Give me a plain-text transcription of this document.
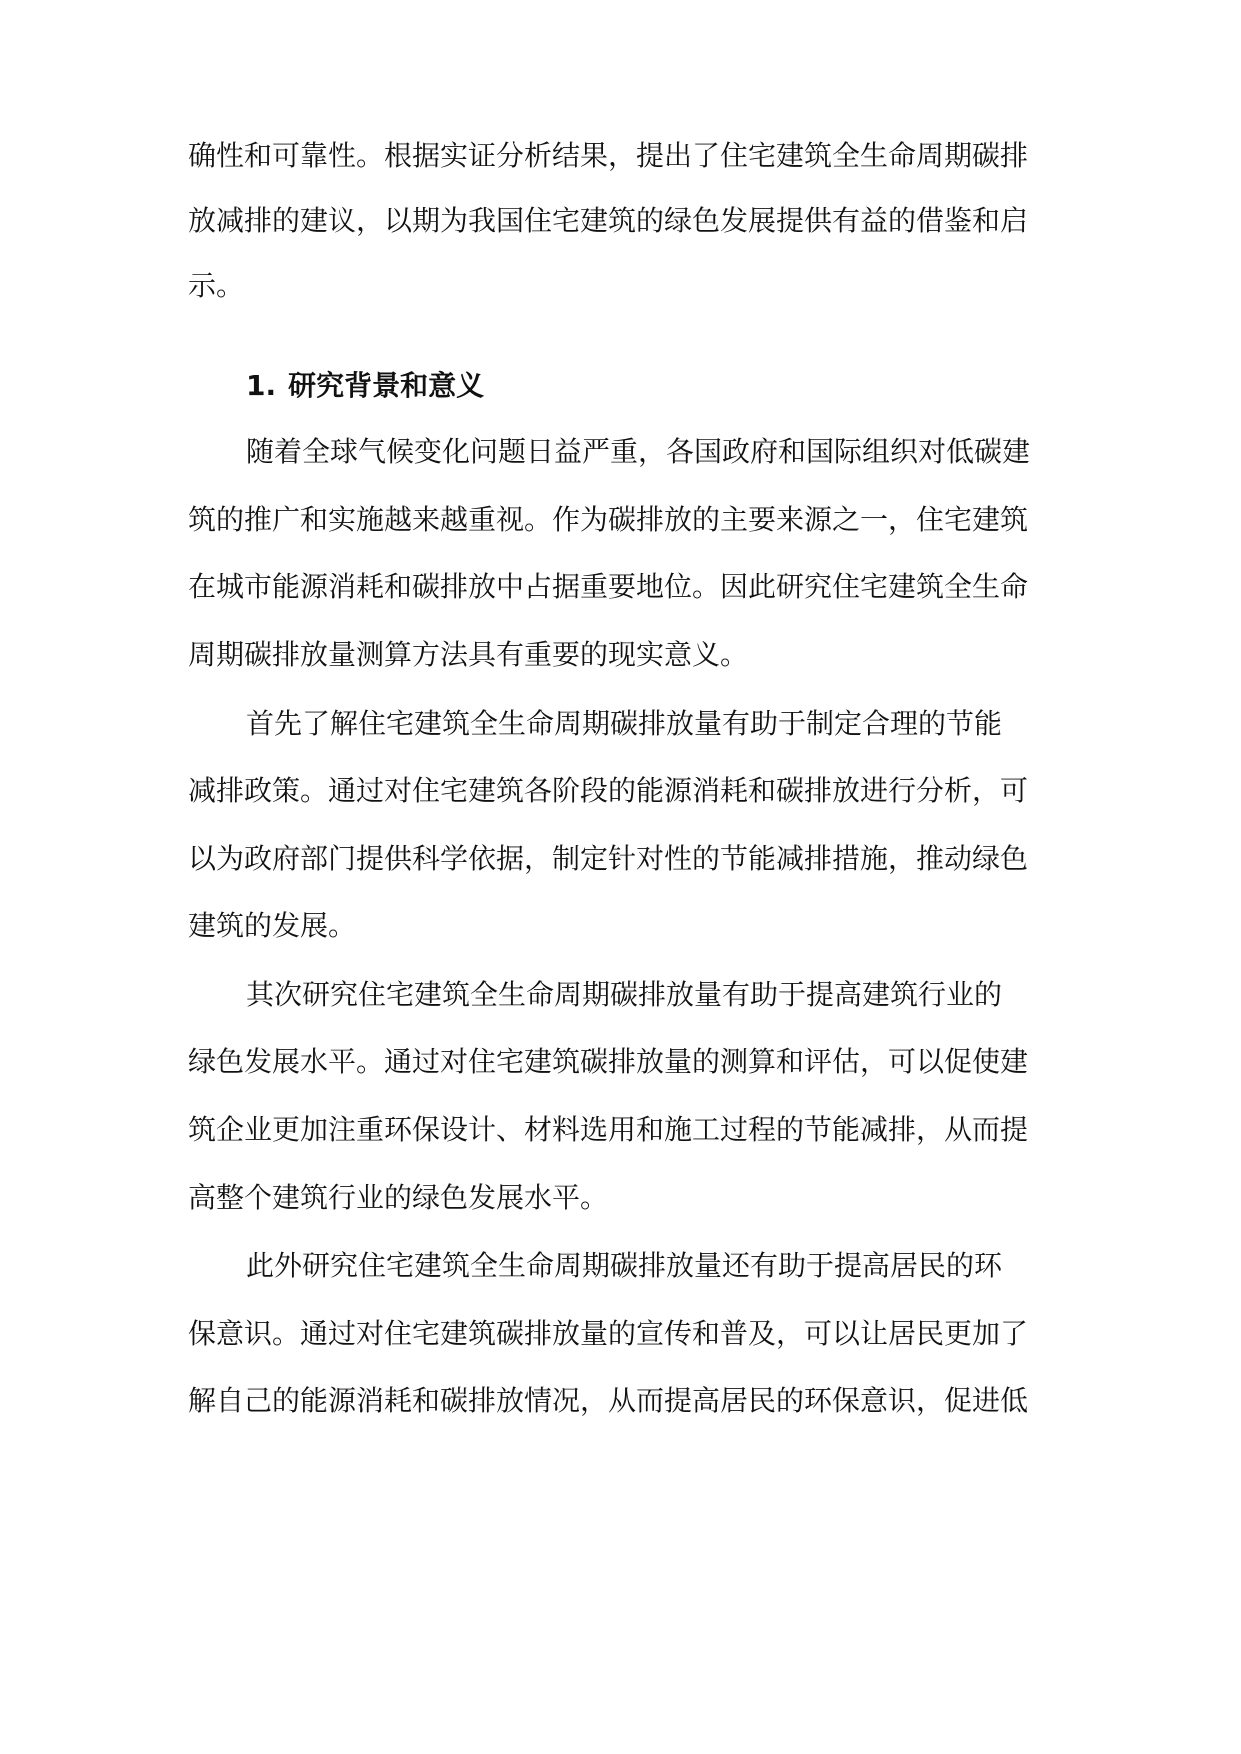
确性和可靠性。根据实证分析结果，提出了住宅建筑全生命周期碳排
放减排的建议，以期为我国住宅建筑的绿色发展提供有益的借鉴和启
示。
1. 研究背景和意义
随着全球气候变化问题日益严重，各国政府和国际组织对低碳建
筑的推广和实施越来越重视。作为碳排放的主要来源之一，住宅建筑
在城市能源消耗和碳排放中占据重要地位。因此研究住宅建筑全生命
周期碳排放量测算方法具有重要的现实意义。
首先了解住宅建筑全生命周期碳排放量有助于制定合理的节能
减排政策。通过对住宅建筑各阶段的能源消耗和碳排放进行分析，可
以为政府部门提供科学依据，制定针对性的节能减排措施，推动绿色
建筑的发展。
其次研究住宅建筑全生命周期碳排放量有助于提高建筑行业的
绿色发展水平。通过对住宅建筑碳排放量的测算和评估，可以促使建
筑企业更加注重环保设计、材料选用和施工过程的节能减排，从而提
高整个建筑行业的绿色发展水平。
此外研究住宅建筑全生命周期碳排放量还有助于提高居民的环
保意识。通过对住宅建筑碳排放量的宣传和普及，可以让居民更加了
解自己的能源消耗和碳排放情况，从而提高居民的环保意识，促进低
